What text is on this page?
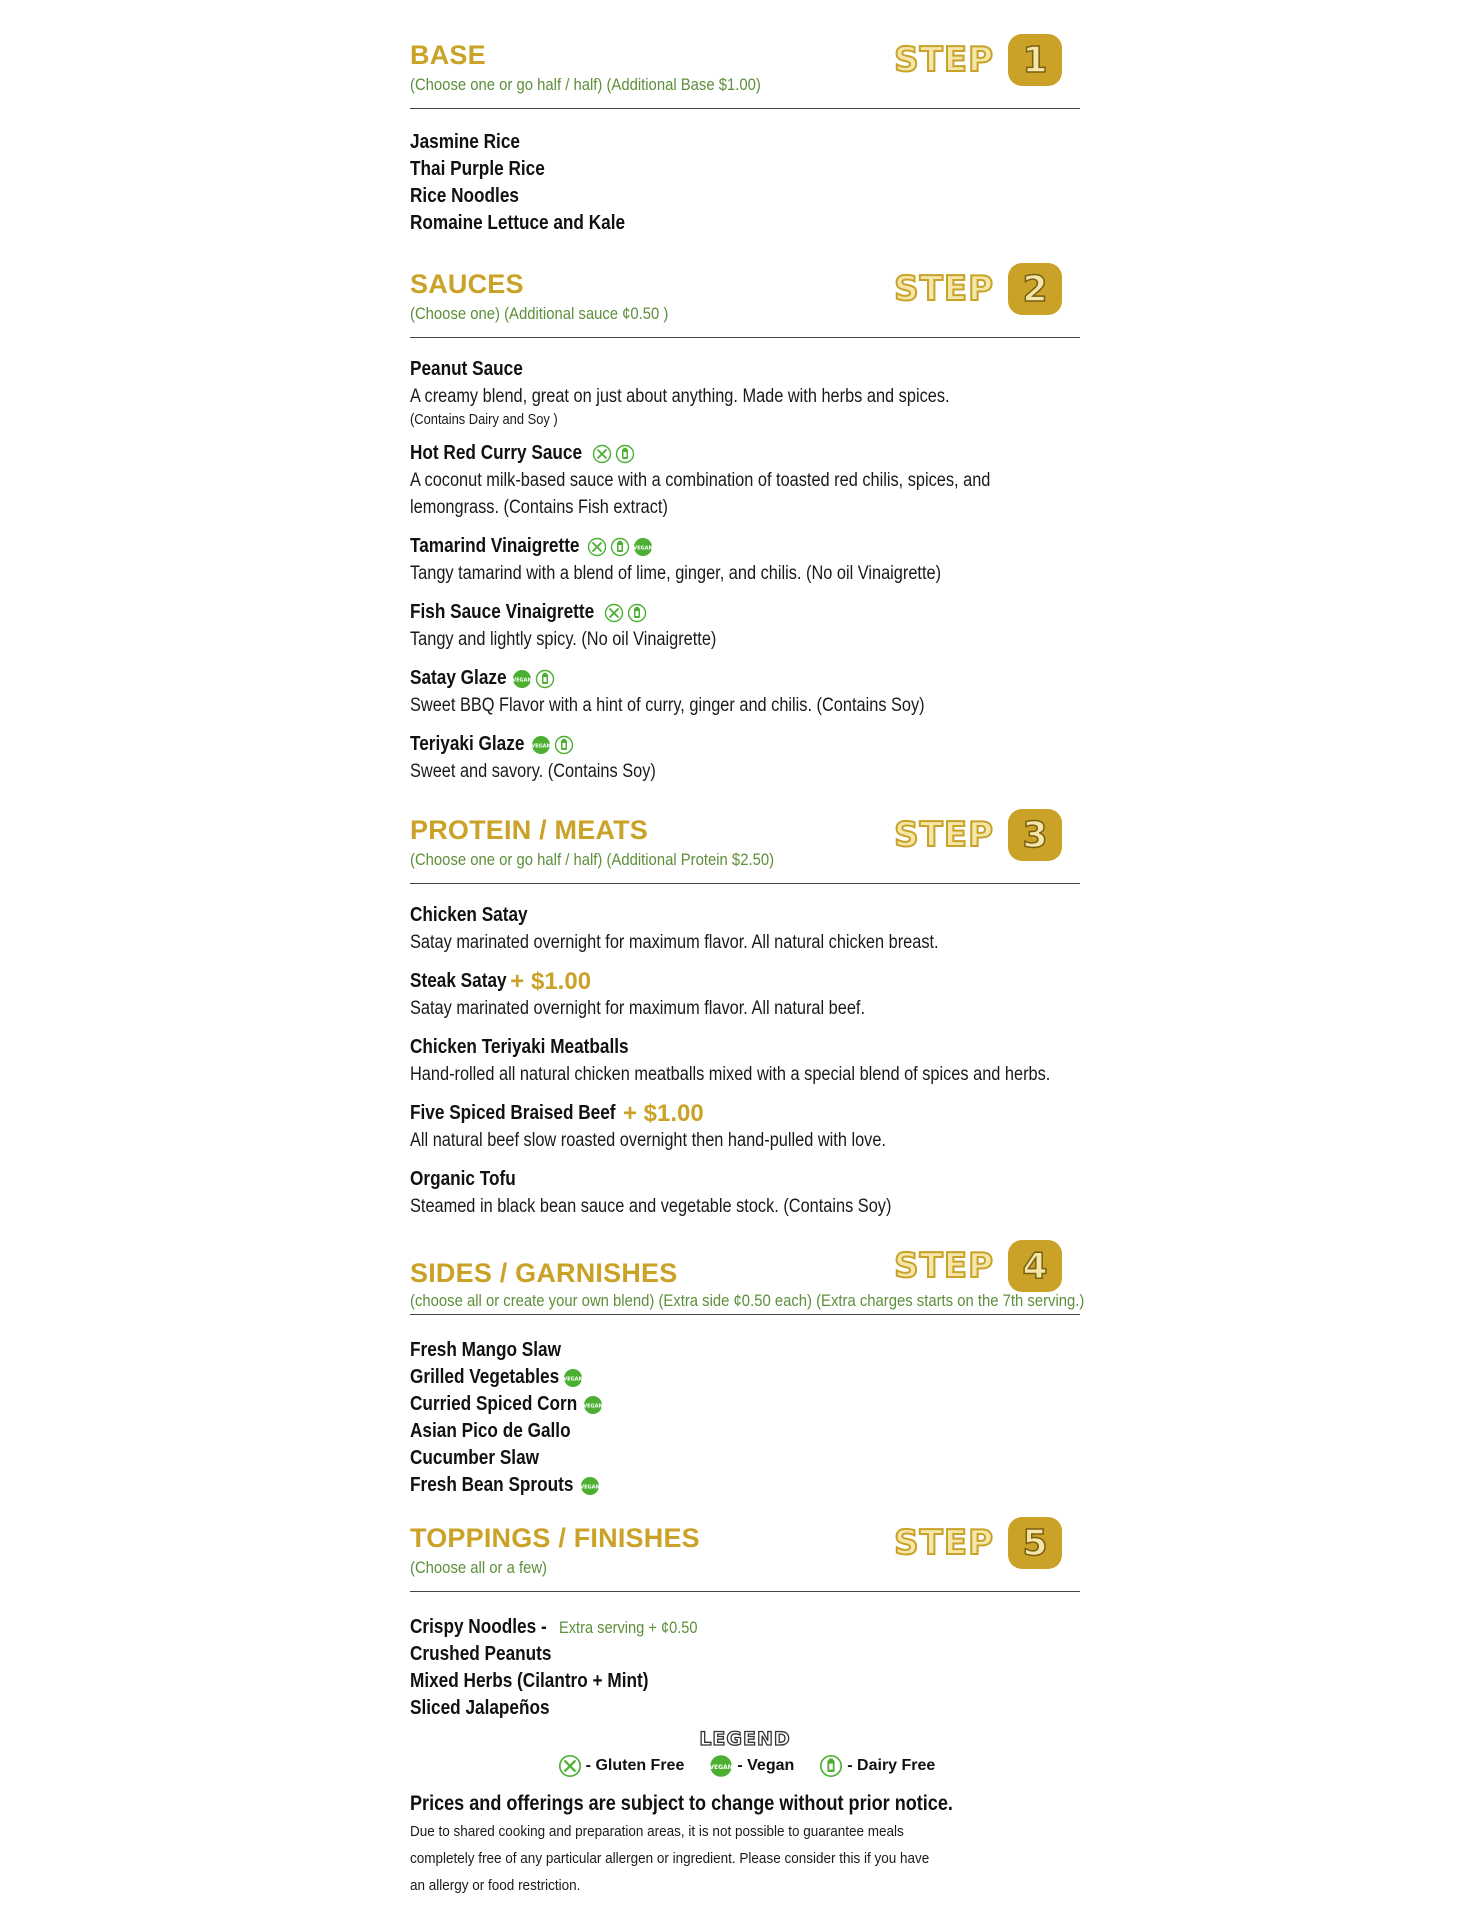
BASE
(Choose one or go half / half) (Additional Base $1.00)
STEP 1
Jasmine Rice
Thai Purple Rice
Rice Noodles
Romaine Lettuce and Kale
SAUCES
(Choose one) (Additional sauce ¢0.50 )
STEP 2
Peanut Sauce
A creamy blend, great on just about anything. Made with herbs and spices.
(Contains Dairy and Soy )
Hot Red Curry Sauce
A coconut milk-based sauce with a combination of toasted red chilis, spices, and lemongrass. (Contains Fish extract)
Tamarind Vinaigrette	VEGAN
Tangy tamarind with a blend of lime, ginger, and chilis. (No oil Vinaigrette)
Fish Sauce Vinaigrette
Tangy and lightly spicy. (No oil Vinaigrette)
Satay Glaze VEGAN
Sweet BBQ Flavor with a hint of curry, ginger and chilis. (Contains Soy)
Teriyaki Glaze VEGAN
Sweet and savory. (Contains Soy)
PROTEIN / MEATS
(Choose one or go half / half) (Additional Protein $2.50)
STEP 3
Chicken Satay
Satay marinated overnight for maximum flavor. All natural chicken breast.
Steak Satay + $1.00
Satay marinated overnight for maximum flavor. All natural beef.
Chicken Teriyaki Meatballs
Hand-rolled all natural chicken meatballs mixed with a special blend of spices and herbs.
Five Spiced Braised Beef + $1.00
All natural beef slow roasted overnight then hand-pulled with love.
Organic Tofu
Steamed in black bean sauce and vegetable stock. (Contains Soy)
SIDES / GARNISHES
(choose all or create your own blend) (Extra side ¢0.50 each) (Extra charges starts on the 7th serving.)
STEP 4
Fresh Mango Slaw
Grilled Vegetables VEGAN
Curried Spiced Corn VEGAN
Asian Pico de Gallo
Cucumber Slaw
Fresh Bean Sprouts VEGAN
TOPPINGS / FINISHES
(Choose all or a few)
STEP 5
Crispy Noodles - Extra serving + ¢0.50
Crushed Peanuts
Mixed Herbs (Cilantro + Mint)
Sliced Jalapeños
LEGEND
- Gluten Free	VEGAN - Vegan	- Dairy Free
Prices and offerings are subject to change without prior notice.
Due to shared cooking and preparation areas, it is not possible to guarantee meals completely free of any particular allergen or ingredient. Please consider this if you have an allergy or food restriction.
